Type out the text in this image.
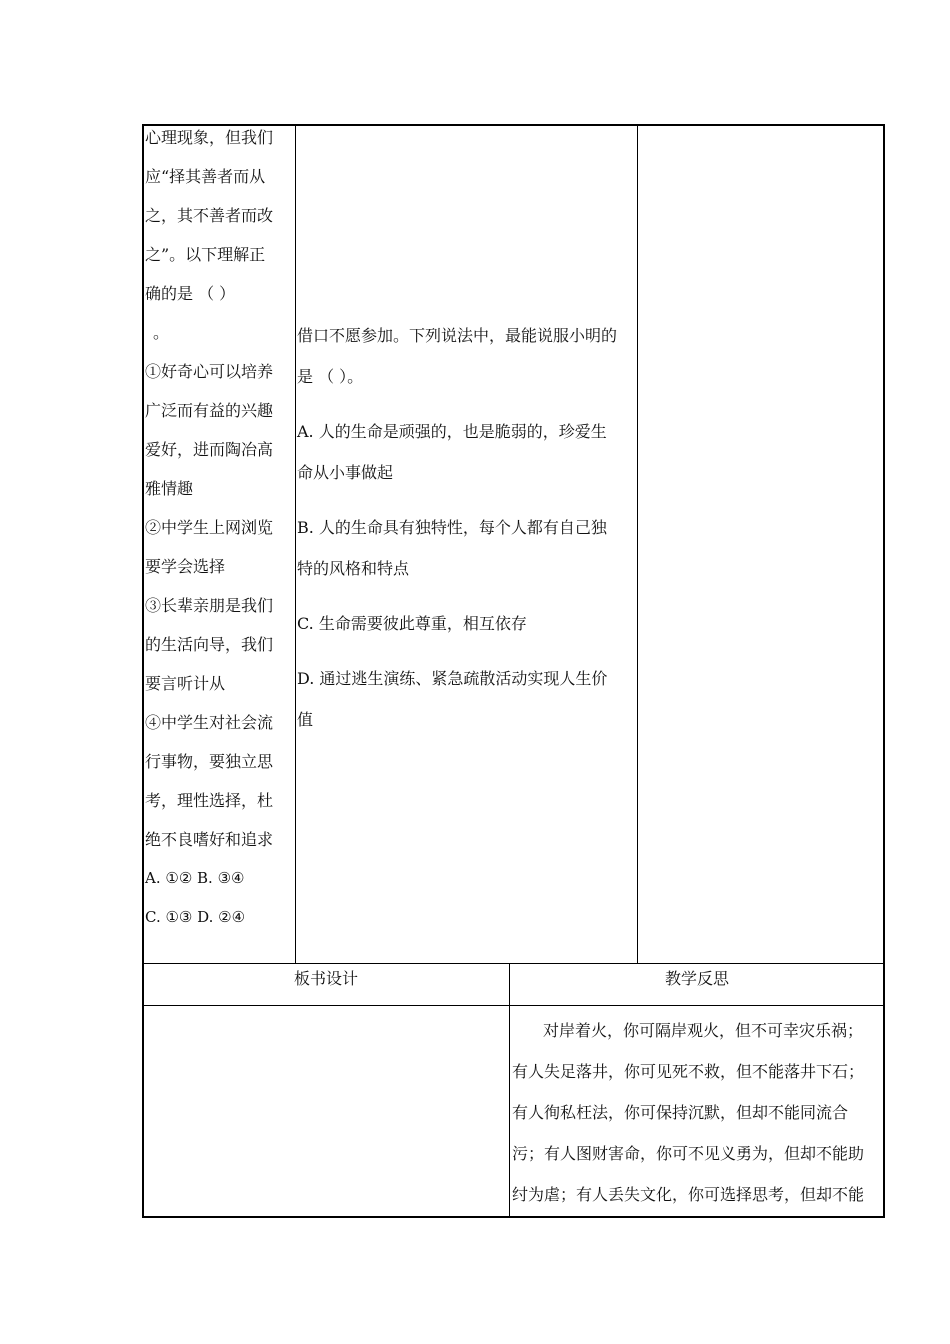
心理现象，但我们

应“择其善者而从

之，其不善者而改

之”。以下理解正

确的是 （ ）

。

①好奇心可以培养

广泛而有益的兴趣

爱好，进而陶冶高

雅情趣

②中学生上网浏览

要学会选择

③长辈亲朋是我们

的生活向导，我们

要言听计从

④中学生对社会流

行事物，要独立思

考，理性选择，杜

绝不良嗜好和追求

A. ①② B. ③④

C. ①③ D. ②④

借口不愿参加。下列说法中，最能说服小明的

是 （ ）。

A. 人的生命是顽强的，也是脆弱的，珍爱生

命从小事做起

B. 人的生命具有独特性，每个人都有自己独

特的风格和特点

C. 生命需要彼此尊重，相互依存

D. 通过逃生演练、紧急疏散活动实现人生价

值

板书设计	教学反思

对岸着火，你可隔岸观火，但不可幸灾乐祸；

有人失足落井，你可见死不救，但不能落井下石；

有人徇私枉法，你可保持沉默，但却不能同流合

污；有人图财害命，你可不见义勇为，但却不能助

纣为虐；有人丢失文化，你可选择思考，但却不能
